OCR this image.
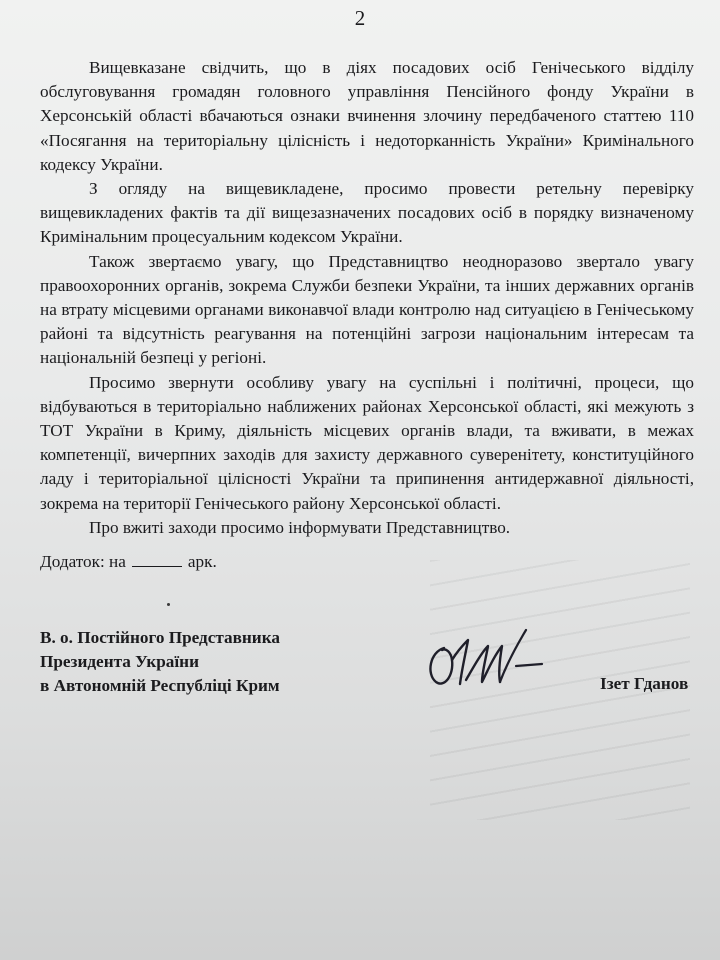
2

Вищевказане свідчить, що в діях посадових осіб Генічеського відділу обслуговування громадян головного управління Пенсійного фонду України в Херсонській області вбачаються ознаки вчинення злочину передбаченого статтею 110 «Посягання на територіальну цілісність і недоторканність України» Кримінального кодексу України.

З огляду на вищевикладене, просимо провести ретельну перевірку вищевикладених фактів та дії вищезазначених посадових осіб в порядку визначеному Кримінальним процесуальним кодексом України.

Також звертаємо увагу, що Представництво неодноразово звертало увагу правоохоронних органів, зокрема Служби безпеки України, та інших державних органів на втрату місцевими органами виконавчої влади контролю над ситуацією в Генічеському районі та відсутність реагування на потенційні загрози національним інтересам та національній безпеці у регіоні.

Просимо звернути особливу увагу на суспільні і політичні, процеси, що відбуваються в територіально наближених районах Херсонської області, які межують з ТОТ України в Криму, діяльність місцевих органів влади, та вживати, в межах компетенції, вичерпних заходів для захисту державного суверенітету, конституційного ладу і територіальної цілісності України та припинення антидержавної діяльності, зокрема на території Генічеського району Херсонської області.

Про вжиті заходи просимо інформувати Представництво.

Додаток: на	арк.
В. о. Постійного Представника
Президента України
в Автономній Республіці Крим	Ізет Гданов
